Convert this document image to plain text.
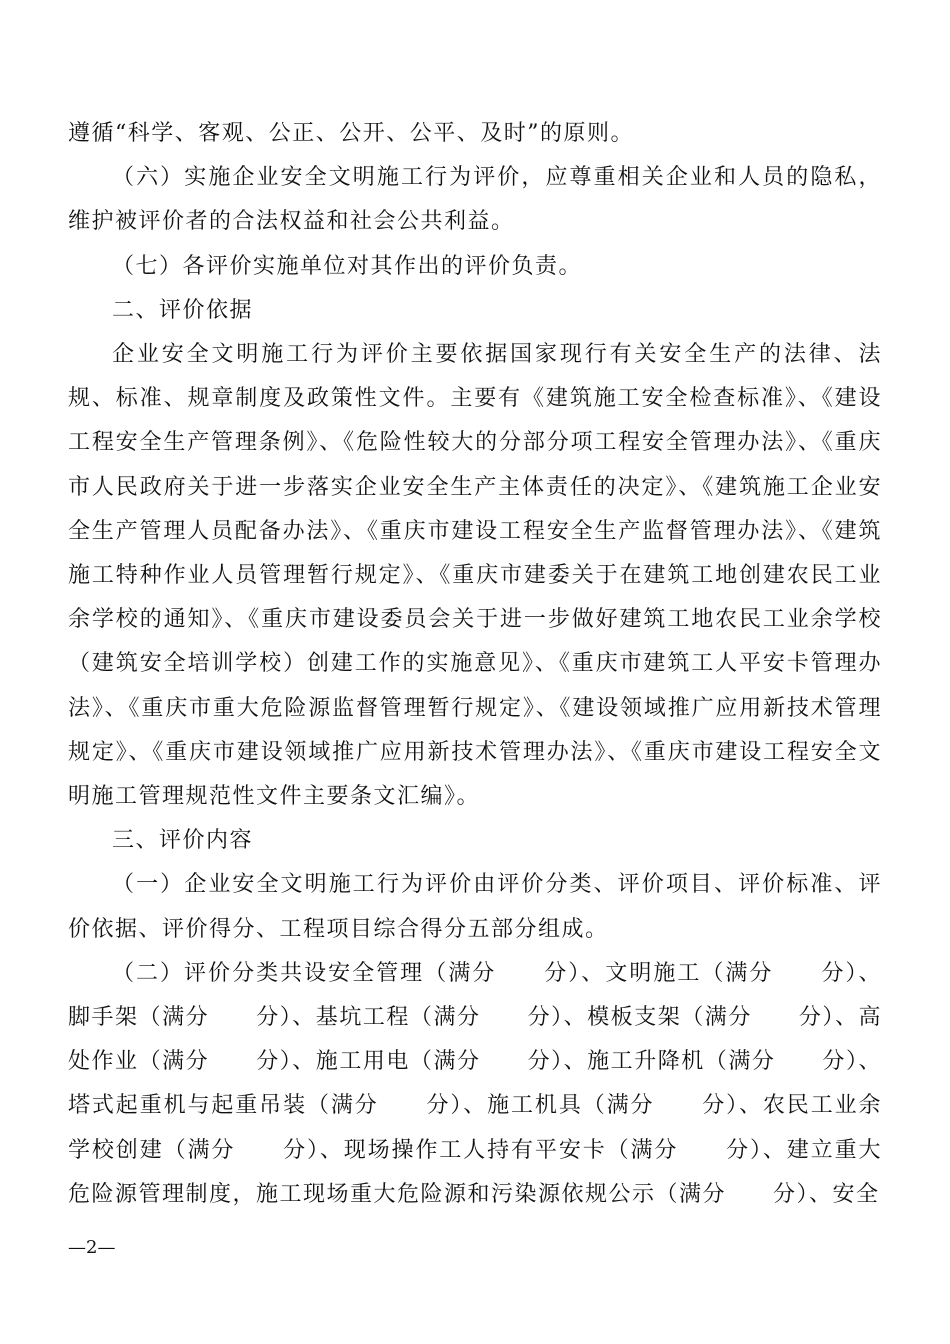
遵循“科学、客观、公正、公开、公平、及时”的原则。

（六）实施企业安全文明施工行为评价，应尊重相关企业和人员的隐私，维护被评价者的合法权益和社会公共利益。

（七）各评价实施单位对其作出的评价负责。

二、评价依据

企业安全文明施工行为评价主要依据国家现行有关安全生产的法律、法规、标准、规章制度及政策性文件。主要有《建筑施工安全检查标准》、《建设工程安全生产管理条例》、《危险性较大的分部分项工程安全管理办法》、《重庆市人民政府关于进一步落实企业安全生产主体责任的决定》、《建筑施工企业安全生产管理人员配备办法》、《重庆市建设工程安全生产监督管理办法》、《建筑施工特种作业人员管理暂行规定》、《重庆市建委关于在建筑工地创建农民工业余学校的通知》、《重庆市建设委员会关于进一步做好建筑工地农民工业余学校（建筑安全培训学校）创建工作的实施意见》、《重庆市建筑工人平安卡管理办法》、《重庆市重大危险源监督管理暂行规定》、《建设领域推广应用新技术管理规定》、《重庆市建设领域推广应用新技术管理办法》、《重庆市建设工程安全文明施工管理规范性文件主要条文汇编》。

三、评价内容

（一）企业安全文明施工行为评价由评价分类、评价项目、评价标准、评价依据、评价得分、工程项目综合得分五部分组成。

（二）评价分类共设安全管理（满分　　分）、文明施工（满分　　分）、脚手架（满分　　分）、基坑工程（满分　　分）、模板支架（满分　　分）、高处作业（满分　　分）、施工用电（满分　　分）、施工升降机（满分　　分）、塔式起重机与起重吊装（满分　　分）、施工机具（满分　　分）、农民工业余学校创建（满分　　分）、现场操作工人持有平安卡（满分　　分）、建立重大危险源管理制度，施工现场重大危险源和污染源依规公示（满分　　分）、安全

—2—
